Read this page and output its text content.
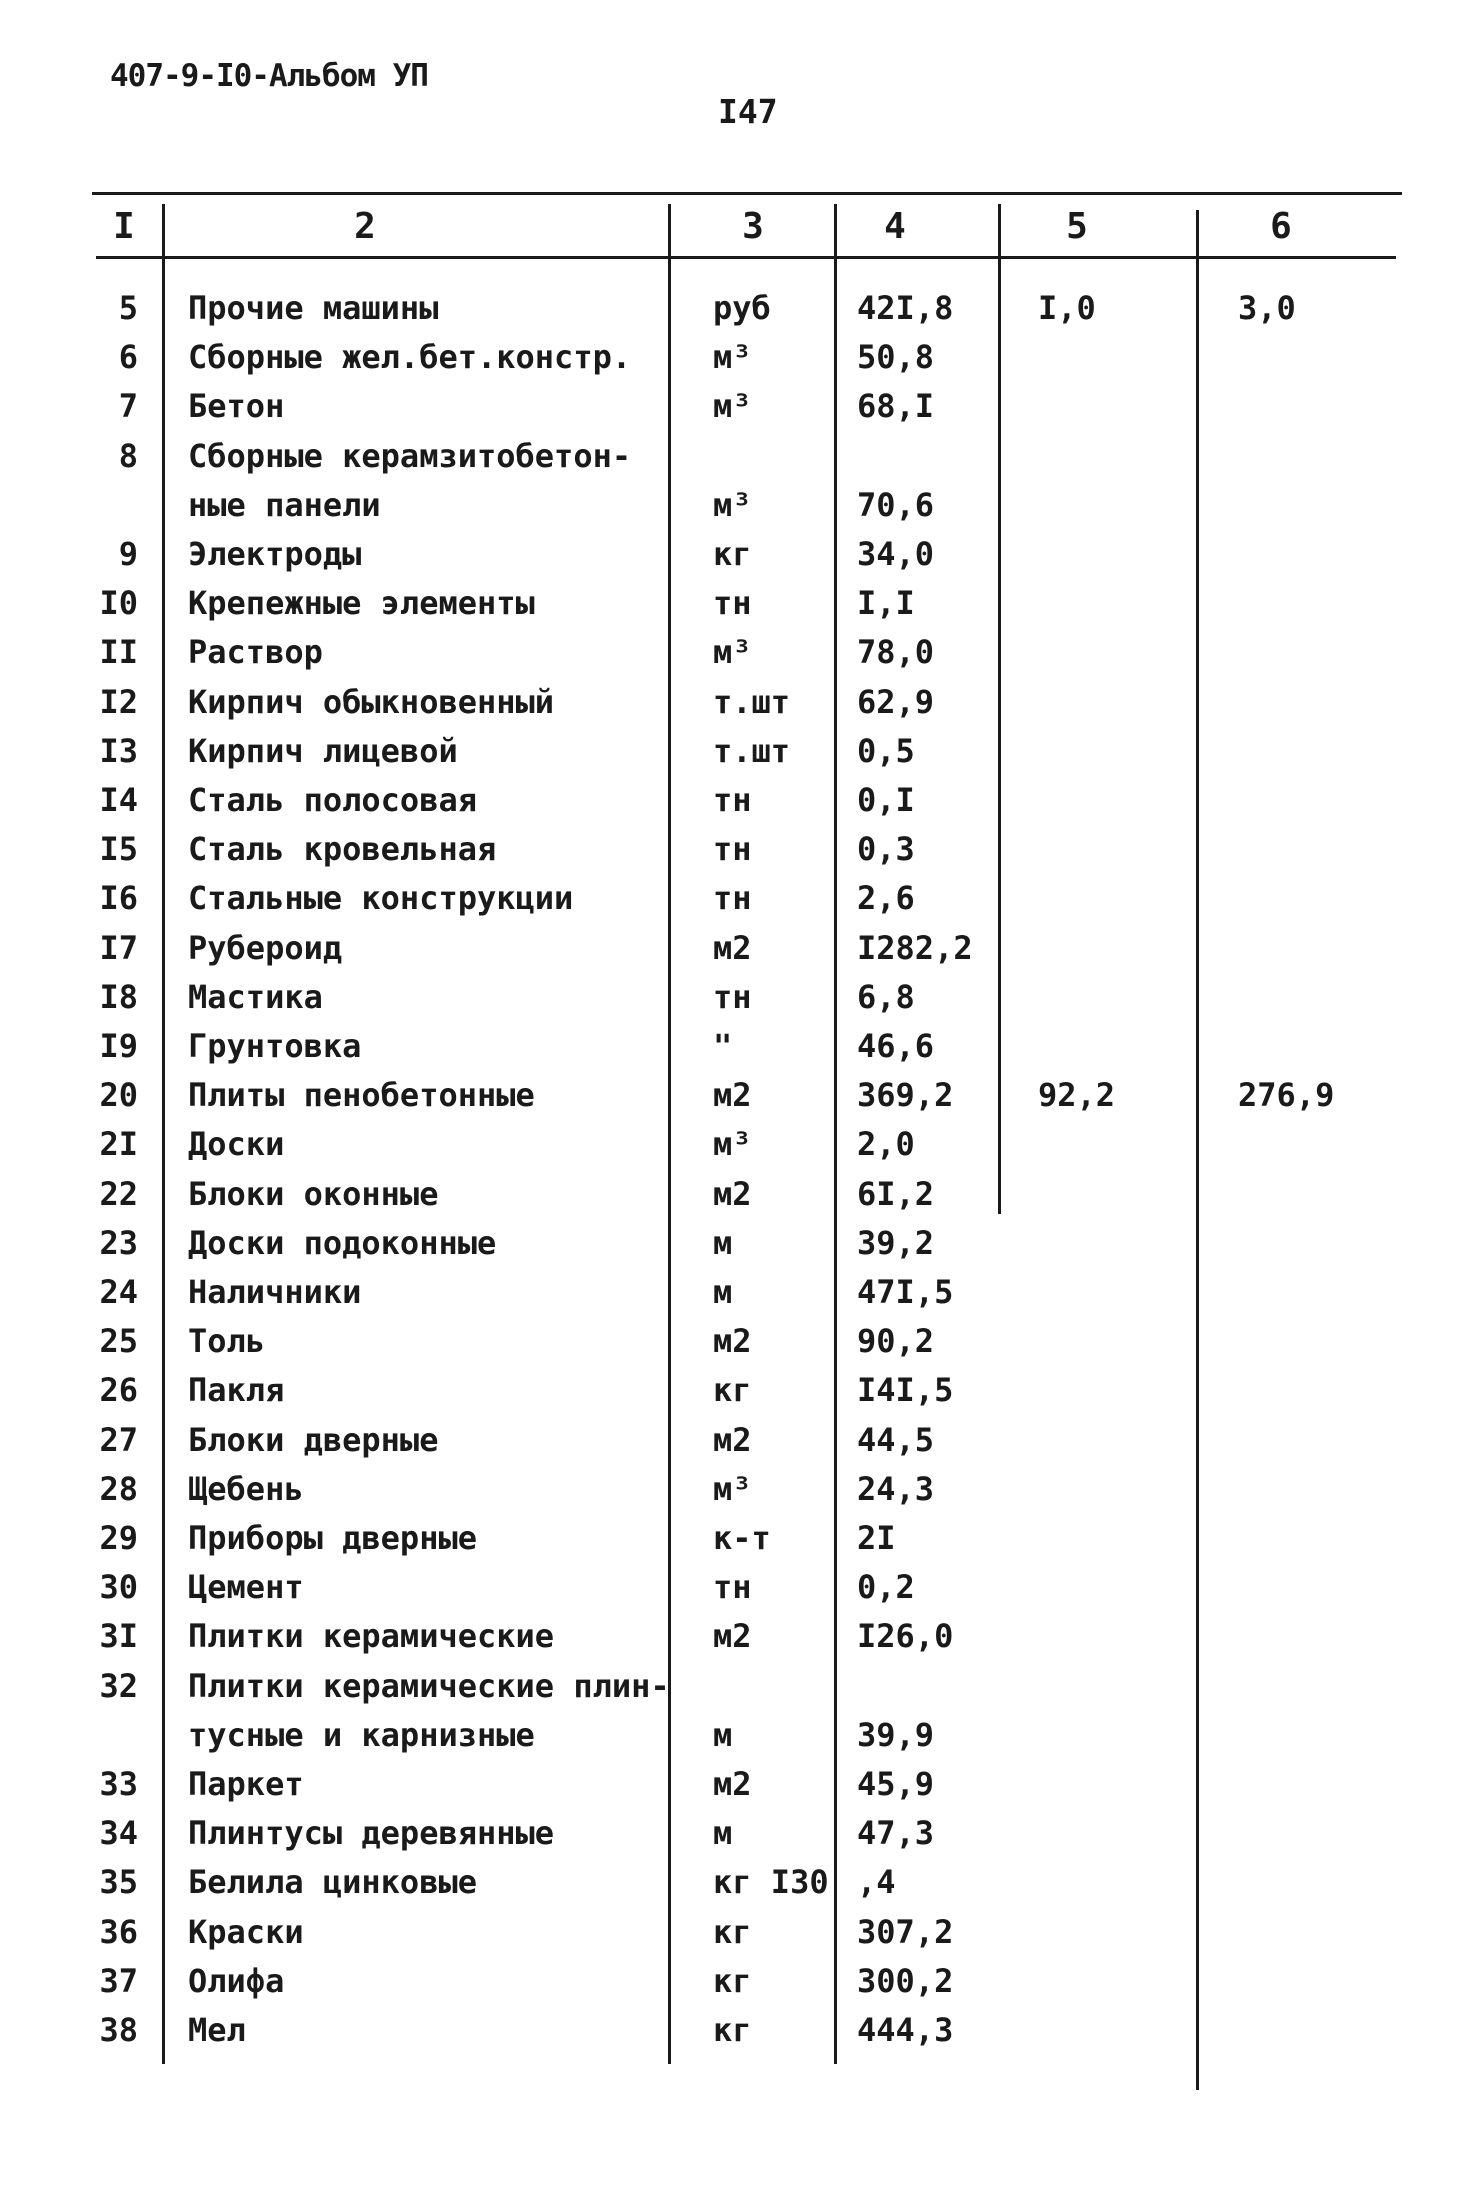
407-9-I0-Альбом УП
I47
I	2	3	4	5	6
5 Прочие машины	руб	42I,8	I,0	3,0
6 Сборные жел.бет.констр.	м³	50,8
7 Бетон	м³	68,I
8 Сборные керамзитобетон-
ные панели	м³	70,6
9 Электроды	кг	34,0
I0 Крепежные элементы	тн	I,I
II Раствор	м³	78,0
I2 Кирпич обыкновенный	т.шт 62,9
I3 Кирпич лицевой	т.шт 0,5
I4 Сталь полосовая	тн	0,I
I5 Сталь кровельная	тн	0,3
I6 Стальные конструкции	тн	2,6
I7 Рубероид	м2	I282,2
I8 Мастика	тн	6,8
I9 Грунтовка	"	46,6
20 Плиты пенобетонные	м2	369,2	92,2	276,9
2I Доски	м³	2,0
22 Блоки оконные	м2	6I,2
23 Доски подоконные	м	39,2
24 Наличники	м	47I,5
25 Толь	м2	90,2
26 Пакля	кг	I4I,5
27 Блоки дверные	м2	44,5
28 Щебень	м³	24,3
29 Приборы дверные	к-т	2I
30 Цемент	тн	0,2
3I Плитки керамические	м2	I26,0
32 Плитки керамические плин-
тусные и карнизные	м	39,9
33 Паркет	м2	45,9
34 Плинтусы деревянные	м	47,3
35 Белила цинковые	кг I30 ,4
36 Краски	кг	307,2
37 Олифа	кг	300,2
38 Мел	кг	444,3
